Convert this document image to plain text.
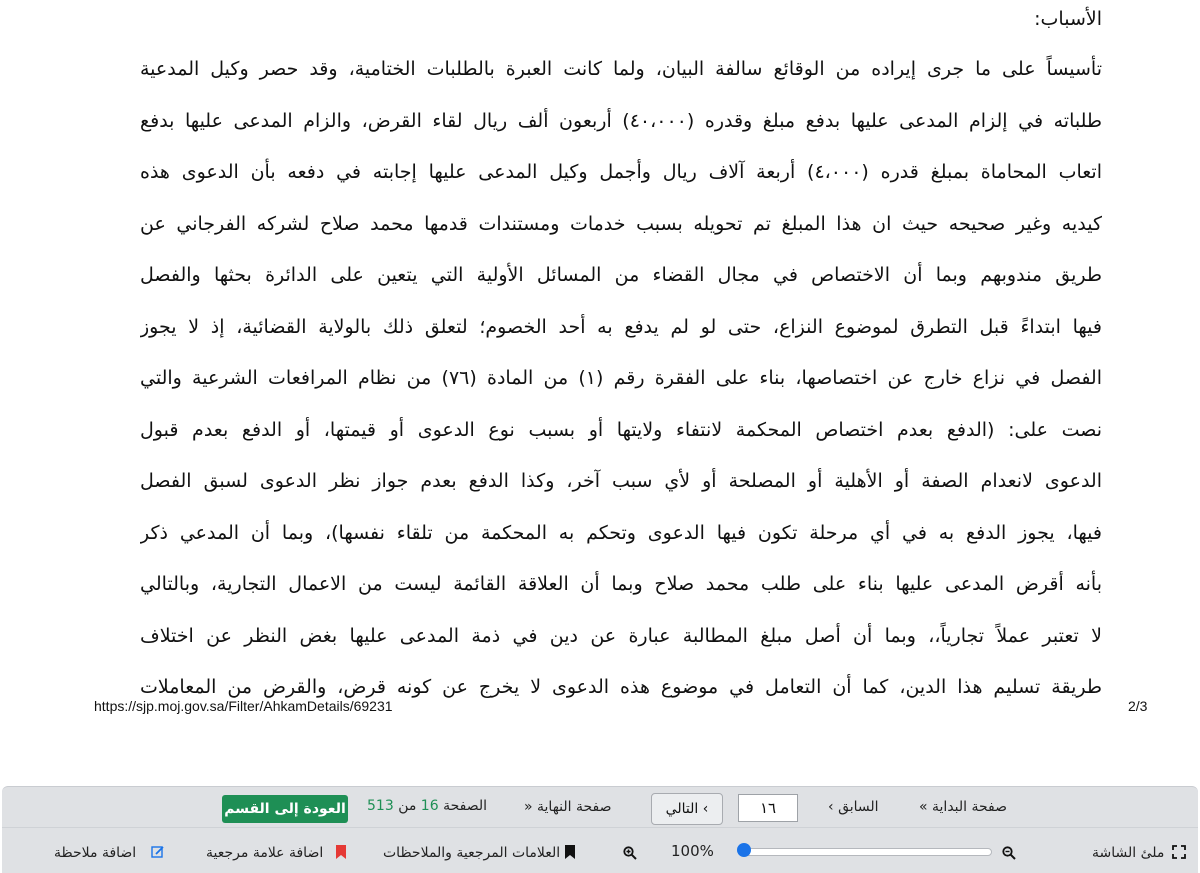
الأسباب:
تأسيساً على ما جرى إيراده من الوقائع سالفة البيان، ولما كانت العبرة بالطلبات الختامية، وقد حصر وكيل المدعية
طلباته في إلزام المدعى عليها بدفع مبلغ وقدره (٤٠،٠٠٠) أربعون ألف ريال لقاء القرض، والزام المدعى عليها بدفع
اتعاب المحاماة بمبلغ قدره (٤،٠٠٠) أربعة آلاف ريال وأجمل وكيل المدعى عليها إجابته في دفعه بأن الدعوى هذه
كيديه وغير صحيحه حيث ان هذا المبلغ تم تحويله بسبب خدمات ومستندات قدمها محمد صلاح لشركه الفرجاني عن
طريق مندوبهم وبما أن الاختصاص في مجال القضاء من المسائل الأولية التي يتعين على الدائرة بحثها والفصل
فيها ابتداءً قبل التطرق لموضوع النزاع، حتى لو لم يدفع به أحد الخصوم؛ لتعلق ذلك بالولاية القضائية، إذ لا يجوز
الفصل في نزاع خارج عن اختصاصها، بناء على الفقرة رقم (١) من المادة (٧٦) من نظام المرافعات الشرعية والتي
نصت على: (الدفع بعدم اختصاص المحكمة لانتفاء ولايتها أو بسبب نوع الدعوى أو قيمتها، أو الدفع بعدم قبول
الدعوى لانعدام الصفة أو الأهلية أو المصلحة أو لأي سبب آخر، وكذا الدفع بعدم جواز نظر الدعوى لسبق الفصل
فيها، يجوز الدفع به في أي مرحلة تكون فيها الدعوى وتحكم به المحكمة من تلقاء نفسها)، وبما أن المدعي ذكر
بأنه أقرض المدعى عليها بناء على طلب محمد صلاح وبما أن العلاقة القائمة ليست من الاعمال التجارية، وبالتالي
لا تعتبر عملاً تجارياً،، وبما أن أصل مبلغ المطالبة عبارة عن دين في ذمة المدعى عليها بغض النظر عن اختلاف
طريقة تسليم هذا الدين، كما أن التعامل في موضوع هذه الدعوى لا يخرج عن كونه قرض، والقرض من المعاملات
https://sjp.moj.gov.sa/Filter/AhkamDetails/69231	2/3
العودة إلى القسم	الصفحة 16 من 513	» صفحة النهاية	› التالي	١٦	‹ السابق	« صفحة البداية
اضافة ملاحظة	اضافة علامة مرجعية	العلامات المرجعية والملاحظات	100%	ملئ الشاشة
